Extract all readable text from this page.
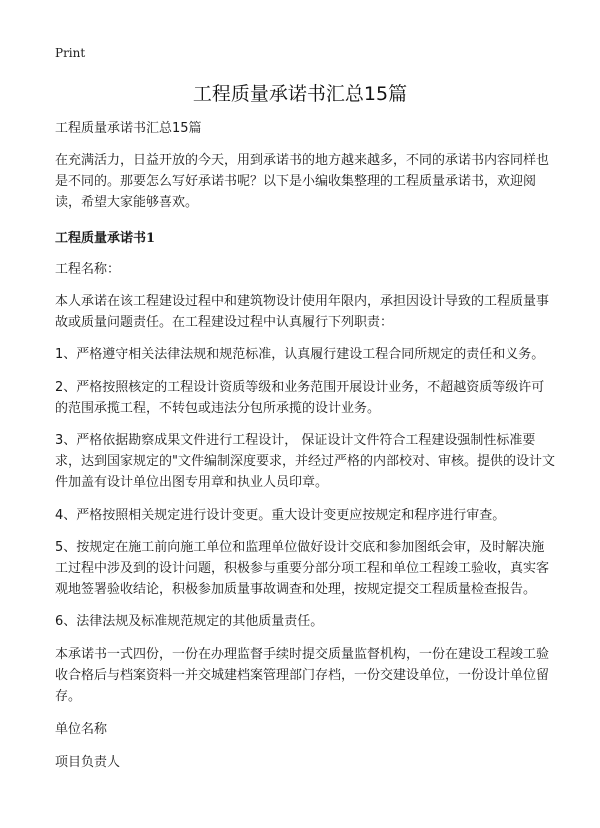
Print
工程质量承诺书汇总15篇

工程质量承诺书汇总15篇

在充满活力，日益开放的今天，用到承诺书的地方越来越多，不同的承诺书内容同样也是不同的。那要怎么写好承诺书呢？以下是小编收集整理的工程质量承诺书，欢迎阅读，希望大家能够喜欢。

工程质量承诺书1

工程名称：

本人承诺在该工程建设过程中和建筑物设计使用年限内，承担因设计导致的工程质量事故或质量问题责任。在工程建设过程中认真履行下列职责：

1、严格遵守相关法律法规和规范标准，认真履行建设工程合同所规定的责任和义务。

2、严格按照核定的工程设计资质等级和业务范围开展设计业务，不超越资质等级许可的范围承揽工程，不转包或违法分包所承揽的设计业务。

3、严格依据勘察成果文件进行工程设计， 保证设计文件符合工程建设强制性标准要求，达到国家规定的"文件编制深度要求，并经过严格的内部校对、审核。提供的设计文件加盖有设计单位出图专用章和执业人员印章。

4、严格按照相关规定进行设计变更。重大设计变更应按规定和程序进行审查。

5、按规定在施工前向施工单位和监理单位做好设计交底和参加图纸会审，及时解决施工过程中涉及到的设计问题，积极参与重要分部分项工程和单位工程竣工验收，真实客观地签署验收结论，积极参加质量事故调查和处理，按规定提交工程质量检查报告。

6、法律法规及标准规范规定的其他质量责任。

本承诺书一式四份，一份在办理监督手续时提交质量监督机构，一份在建设工程竣工验收合格后与档案资料一并交城建档案管理部门存档，一份交建设单位，一份设计单位留存。

单位名称

项目负责人
